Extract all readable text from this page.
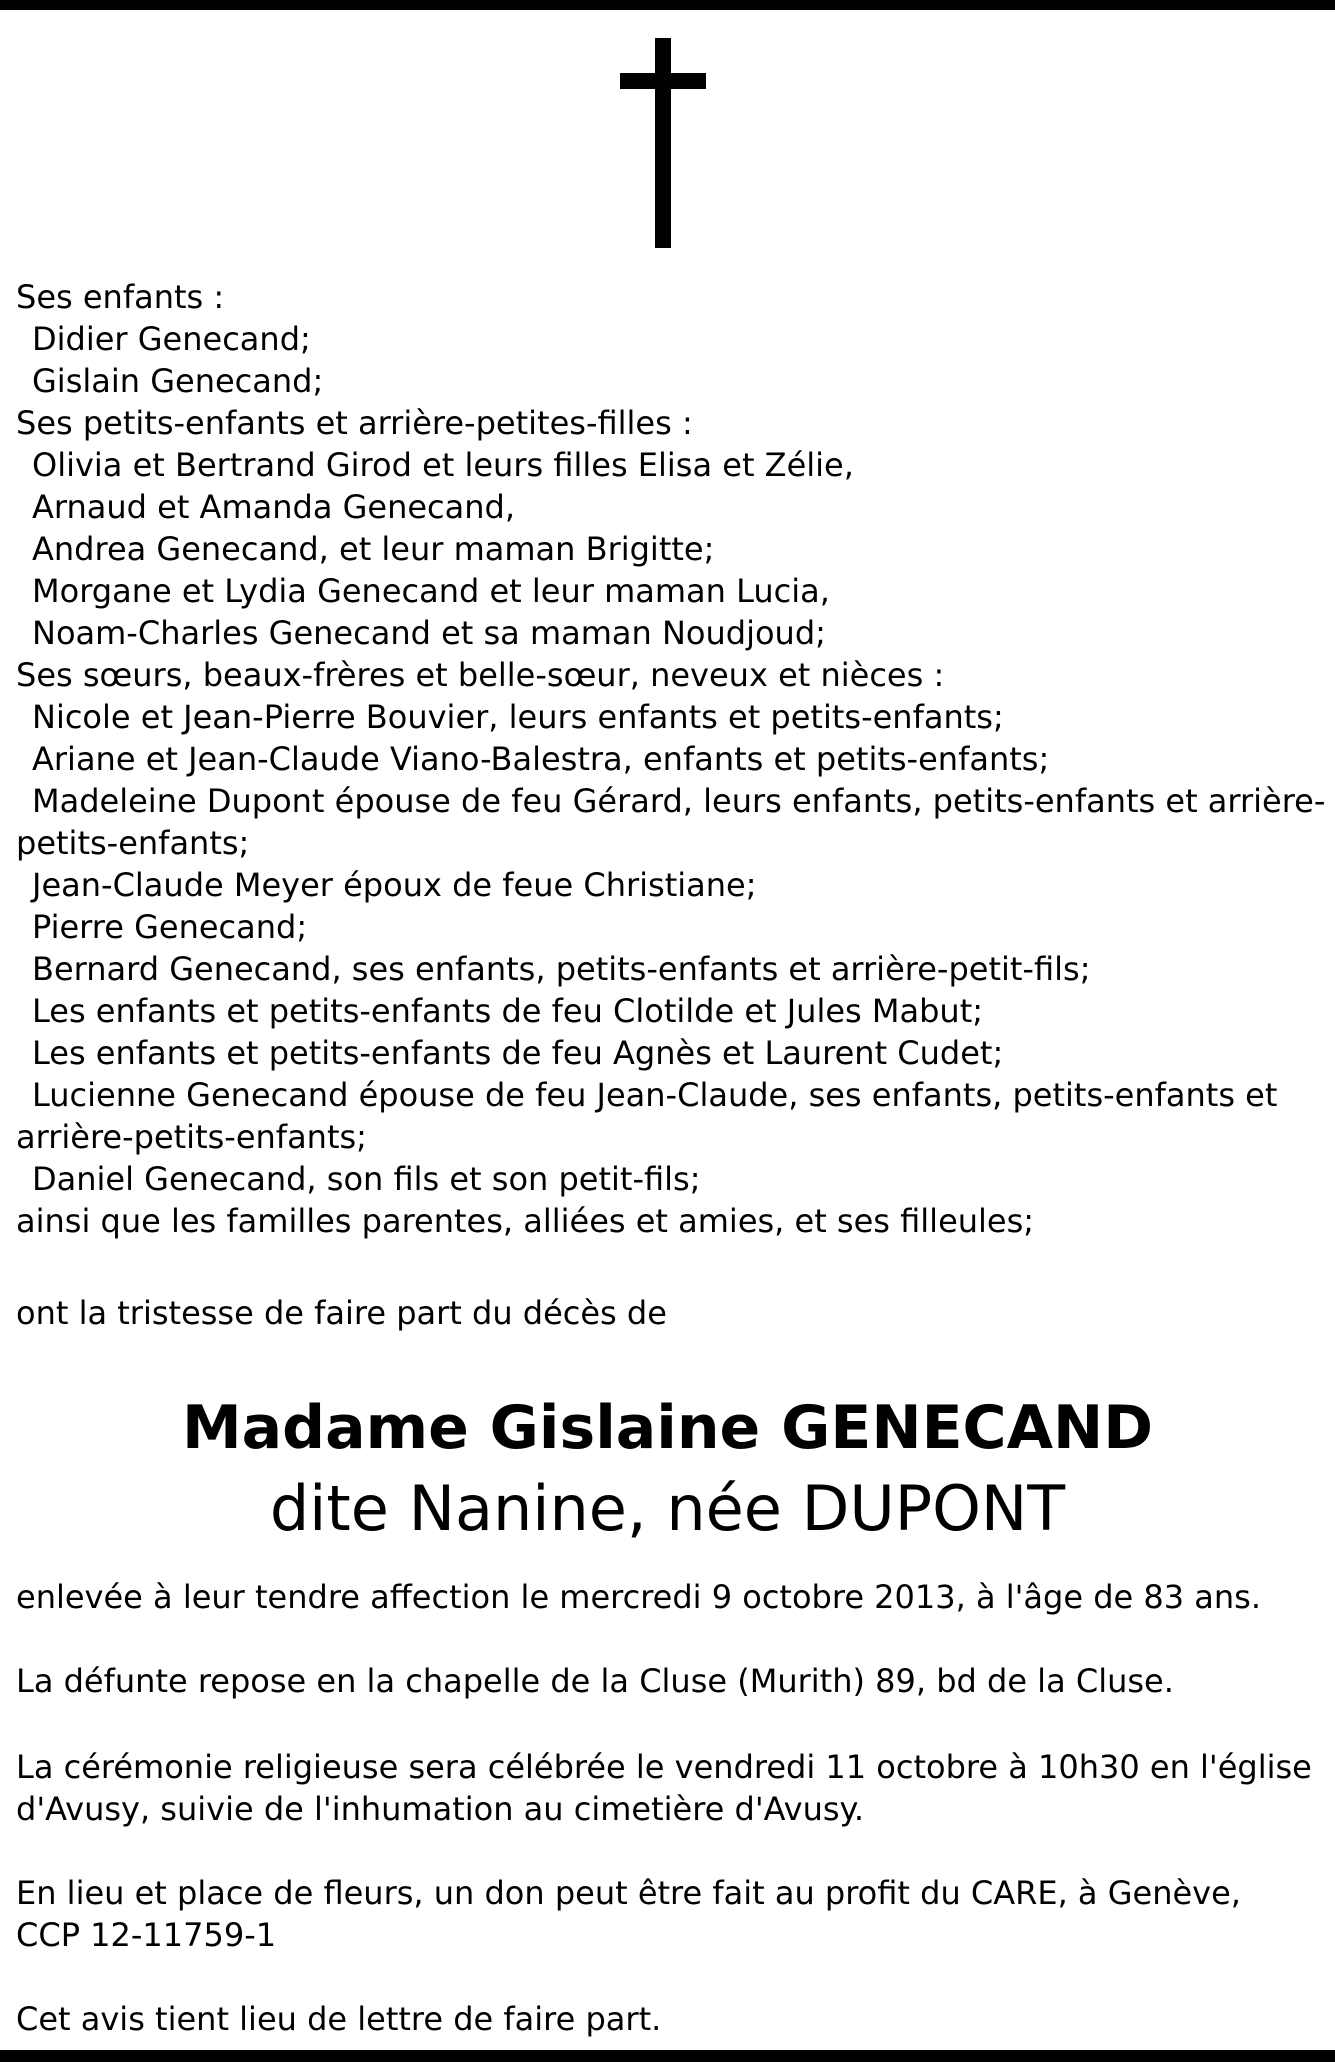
Ses enfants :
Didier Genecand;
Gislain Genecand;
Ses petits-enfants et arrière-petites-filles :
Olivia et Bertrand Girod et leurs filles Elisa et Zélie,
Arnaud et Amanda Genecand,
Andrea Genecand, et leur maman Brigitte;
Morgane et Lydia Genecand et leur maman Lucia,
Noam-Charles Genecand et sa maman Noudjoud;
Ses sœurs, beaux-frères et belle-sœur, neveux et nièces :
Nicole et Jean-Pierre Bouvier, leurs enfants et petits-enfants;
Ariane et Jean-Claude Viano-Balestra, enfants et petits-enfants;
Madeleine Dupont épouse de feu Gérard, leurs enfants, petits-enfants et arrière-
petits-enfants;
Jean-Claude Meyer époux de feue Christiane;
Pierre Genecand;
Bernard Genecand, ses enfants, petits-enfants et arrière-petit-fils;
Les enfants et petits-enfants de feu Clotilde et Jules Mabut;
Les enfants et petits-enfants de feu Agnès et Laurent Cudet;
Lucienne Genecand épouse de feu Jean-Claude, ses enfants, petits-enfants et
arrière-petits-enfants;
Daniel Genecand, son fils et son petit-fils;
ainsi que les familles parentes, alliées et amies, et ses filleules;
ont la tristesse de faire part du décès de
Madame Gislaine GENECAND
dite Nanine, née DUPONT
enlevée à leur tendre affection le mercredi 9 octobre 2013, à l'âge de 83 ans.
La défunte repose en la chapelle de la Cluse (Murith) 89, bd de la Cluse.
La cérémonie religieuse sera célébrée le vendredi 11 octobre à 10h30 en l'église
d'Avusy, suivie de l'inhumation au cimetière d'Avusy.
En lieu et place de fleurs, un don peut être fait au profit du CARE, à Genève,
CCP 12-11759-1
Cet avis tient lieu de lettre de faire part.
